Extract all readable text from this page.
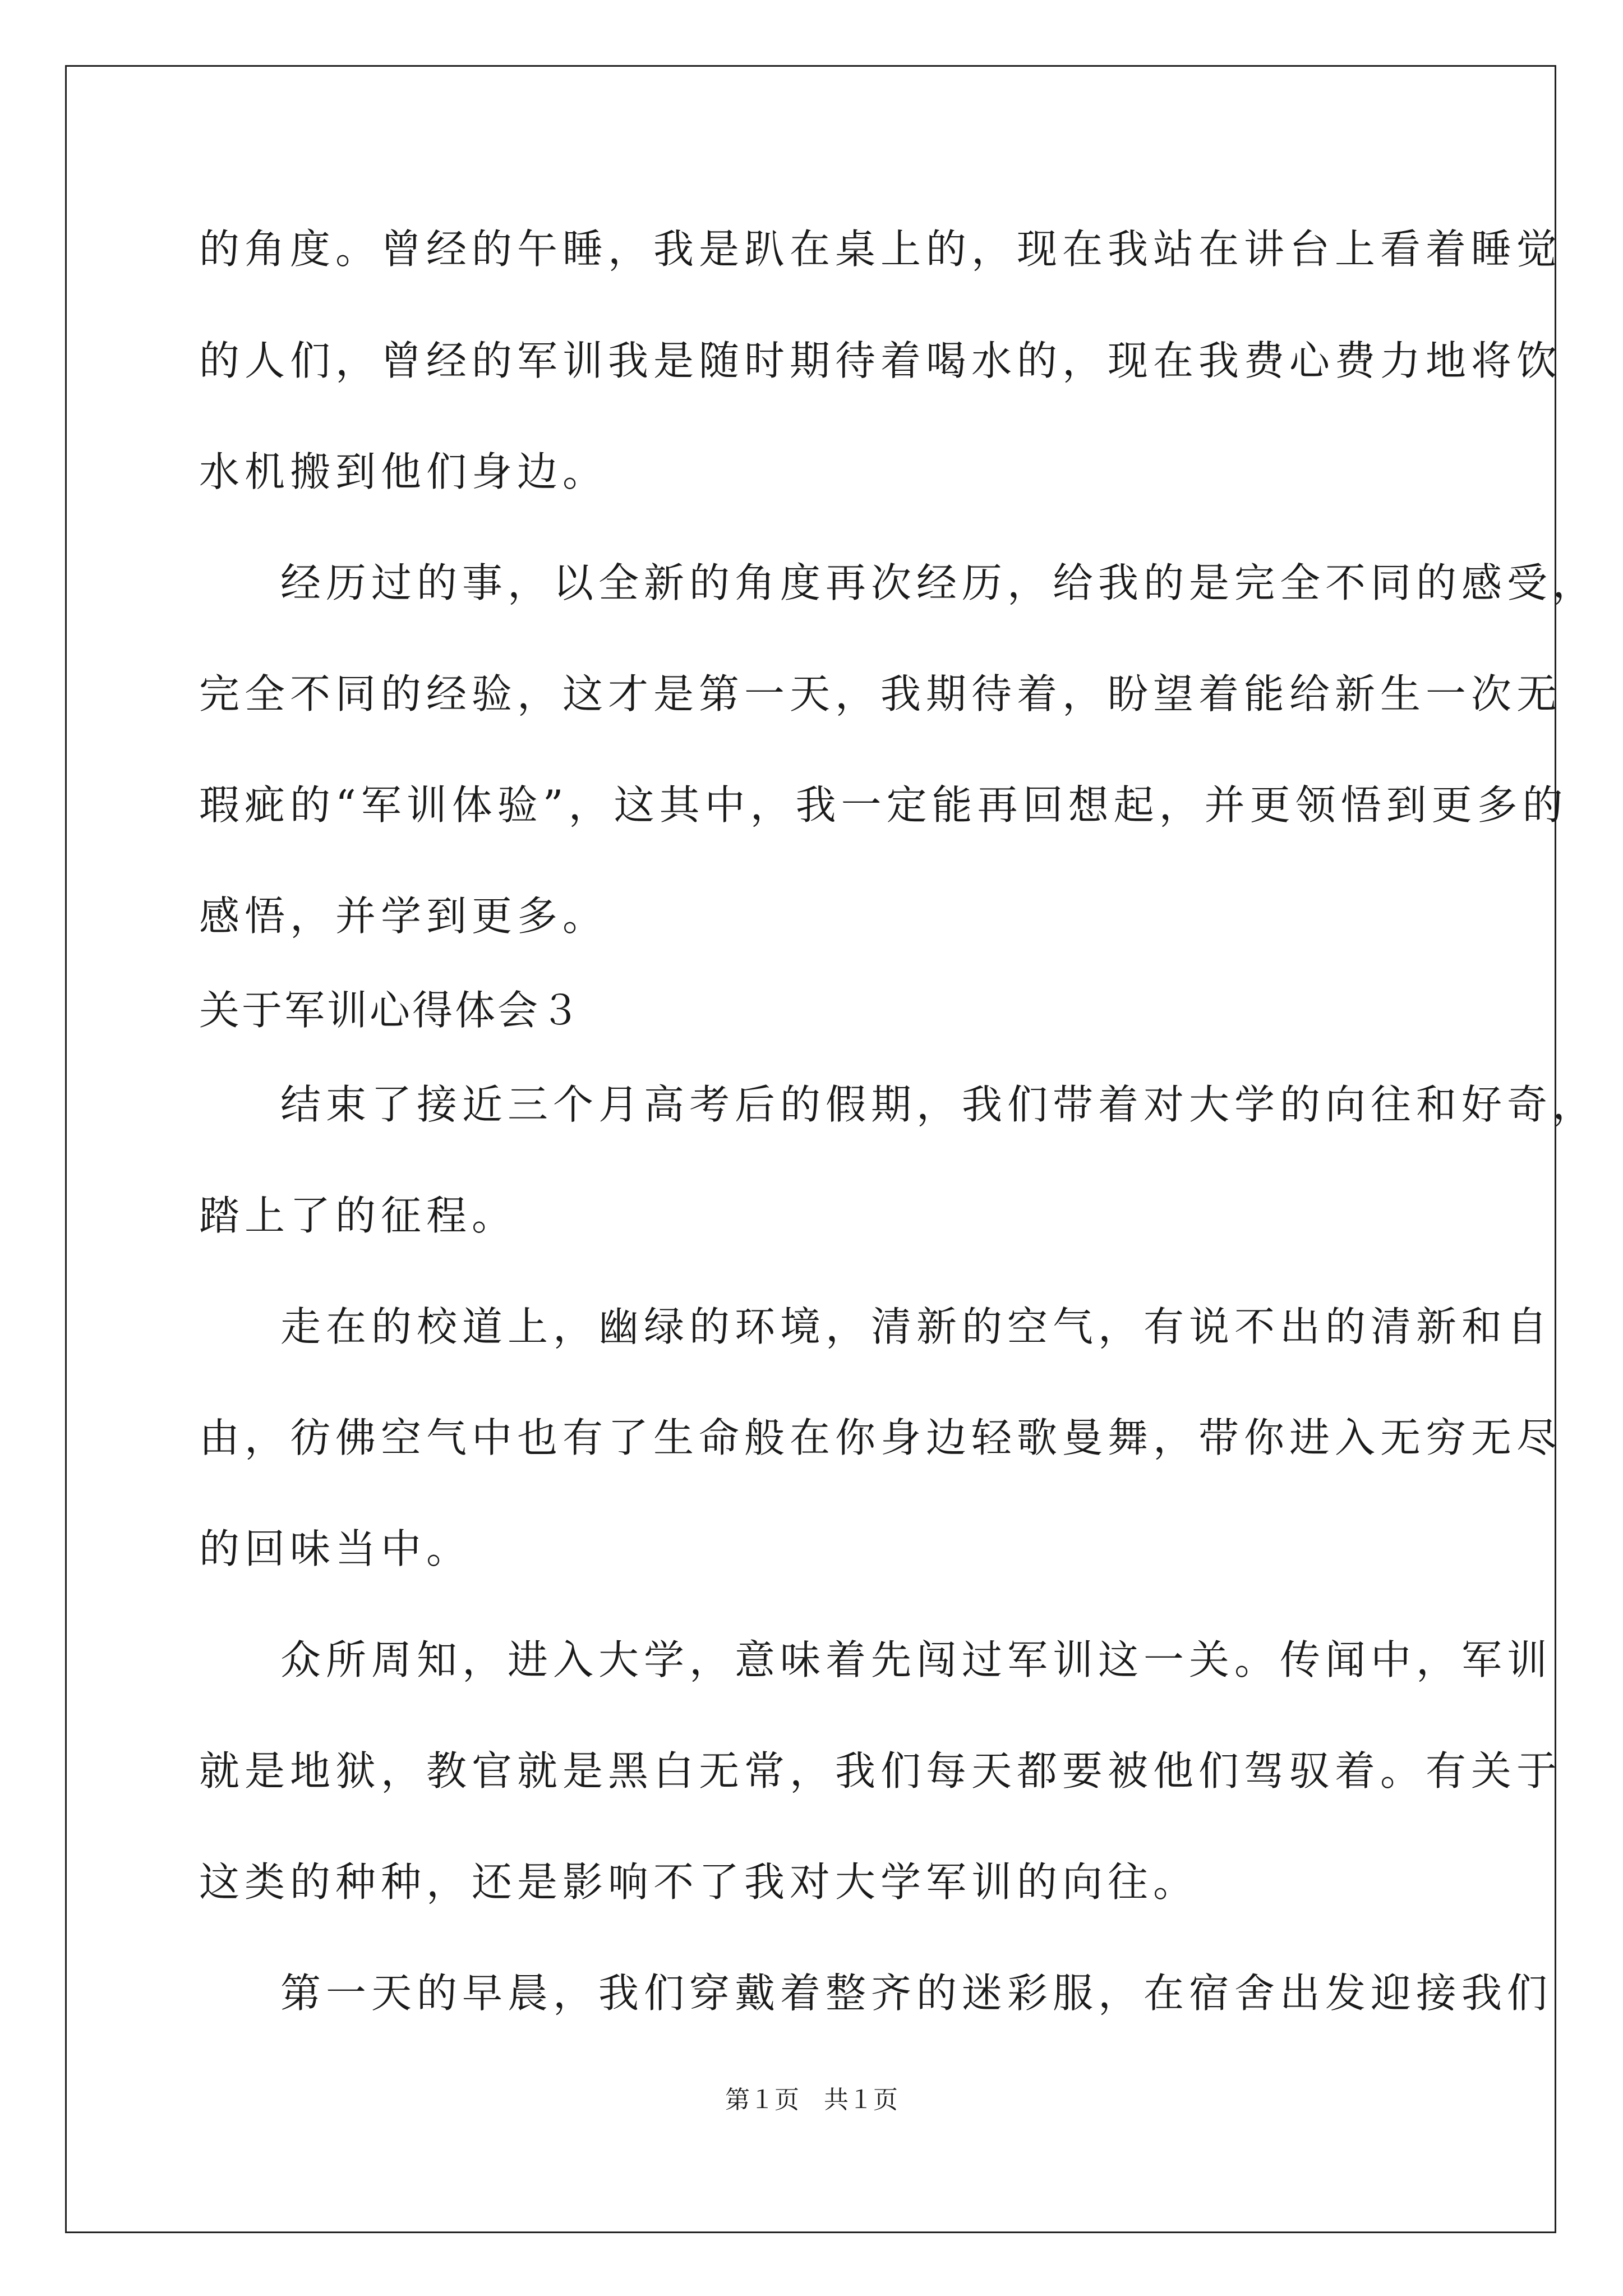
的角度。曾经的午睡，我是趴在桌上的，现在我站在讲台上看着睡觉

的人们，曾经的军训我是随时期待着喝水的，现在我费心费力地将饮

水机搬到他们身边。

经历过的事，以全新的角度再次经历，给我的是完全不同的感受，

完全不同的经验，这才是第一天，我期待着，盼望着能给新生一次无

瑕疵的“军训体验”，这其中，我一定能再回想起，并更领悟到更多的

感悟，并学到更多。

关于军训心得体会３

结束了接近三个月高考后的假期，我们带着对大学的向往和好奇，

踏上了的征程。

走在的校道上，幽绿的环境，清新的空气，有说不出的清新和自

由，彷佛空气中也有了生命般在你身边轻歌曼舞，带你进入无穷无尽

的回味当中。

众所周知，进入大学，意味着先闯过军训这一关。传闻中，军训

就是地狱，教官就是黑白无常，我们每天都要被他们驾驭着。有关于

这类的种种，还是影响不了我对大学军训的向往。

第一天的早晨，我们穿戴着整齐的迷彩服，在宿舍出发迎接我们

第１页　共１页
